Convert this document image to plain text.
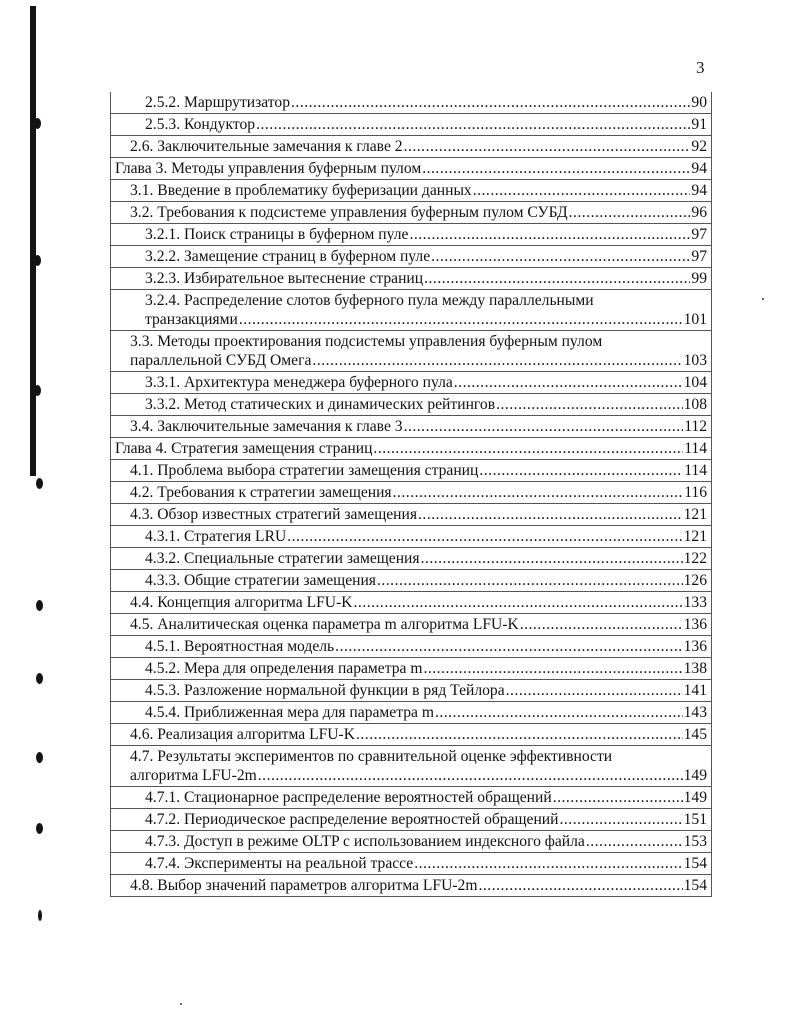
3
2.5.2. Маршрутизатор .....	90
2.5.3. Кондуктор .....	91
2.6. Заключительные замечания к главе 2 .....	92
Глава 3. Методы управления буферным пулом .....	94
3.1. Введение в проблематику буферизации данных .....	94
3.2. Требования к подсистеме управления буферным пулом СУБД .....	96
3.2.1. Поиск страницы в буферном пуле .....	97
3.2.2. Замещение страниц в буферном пуле .....	97
3.2.3. Избирательное вытеснение страниц .....	99
3.2.4. Распределение слотов буферного пула между параллельными
транзакциями .....	101
3.3. Методы проектирования подсистемы управления буферным пулом
параллельной СУБД Омега .....	103
3.3.1. Архитектура менеджера буферного пула .....	104
3.3.2. Метод статических и динамических рейтингов .....	108
3.4. Заключительные замечания к главе 3 .....	112
Глава 4. Стратегия замещения страниц .....	114
4.1. Проблема выбора стратегии замещения страниц .....	114
4.2. Требования к стратегии замещения .....	116
4.3. Обзор известных стратегий замещения .....	121
4.3.1. Стратегия LRU .....	121
4.3.2. Специальные стратегии замещения .....	122
4.3.3. Общие стратегии замещения .....	126
4.4. Концепция алгоритма LFU-K .....	133
4.5. Аналитическая оценка параметра m алгоритма LFU-K .....	136
4.5.1. Вероятностная модель .....	136
4.5.2. Мера для определения параметра m .....	138
4.5.3. Разложение нормальной функции в ряд Тейлора .....	141
4.5.4. Приближенная мера для параметра m .....	143
4.6. Реализация алгоритма LFU-K .....	145
4.7. Результаты экспериментов по сравнительной оценке эффективности
алгоритма LFU-2m .....	149
4.7.1. Стационарное распределение вероятностей обращений .....	149
4.7.2. Периодическое распределение вероятностей обращений .....	151
4.7.3. Доступ в режиме OLTP с использованием индексного файла .....	153
4.7.4. Эксперименты на реальной трассе .....	154
4.8. Выбор значений параметров алгоритма LFU-2m .....	154
